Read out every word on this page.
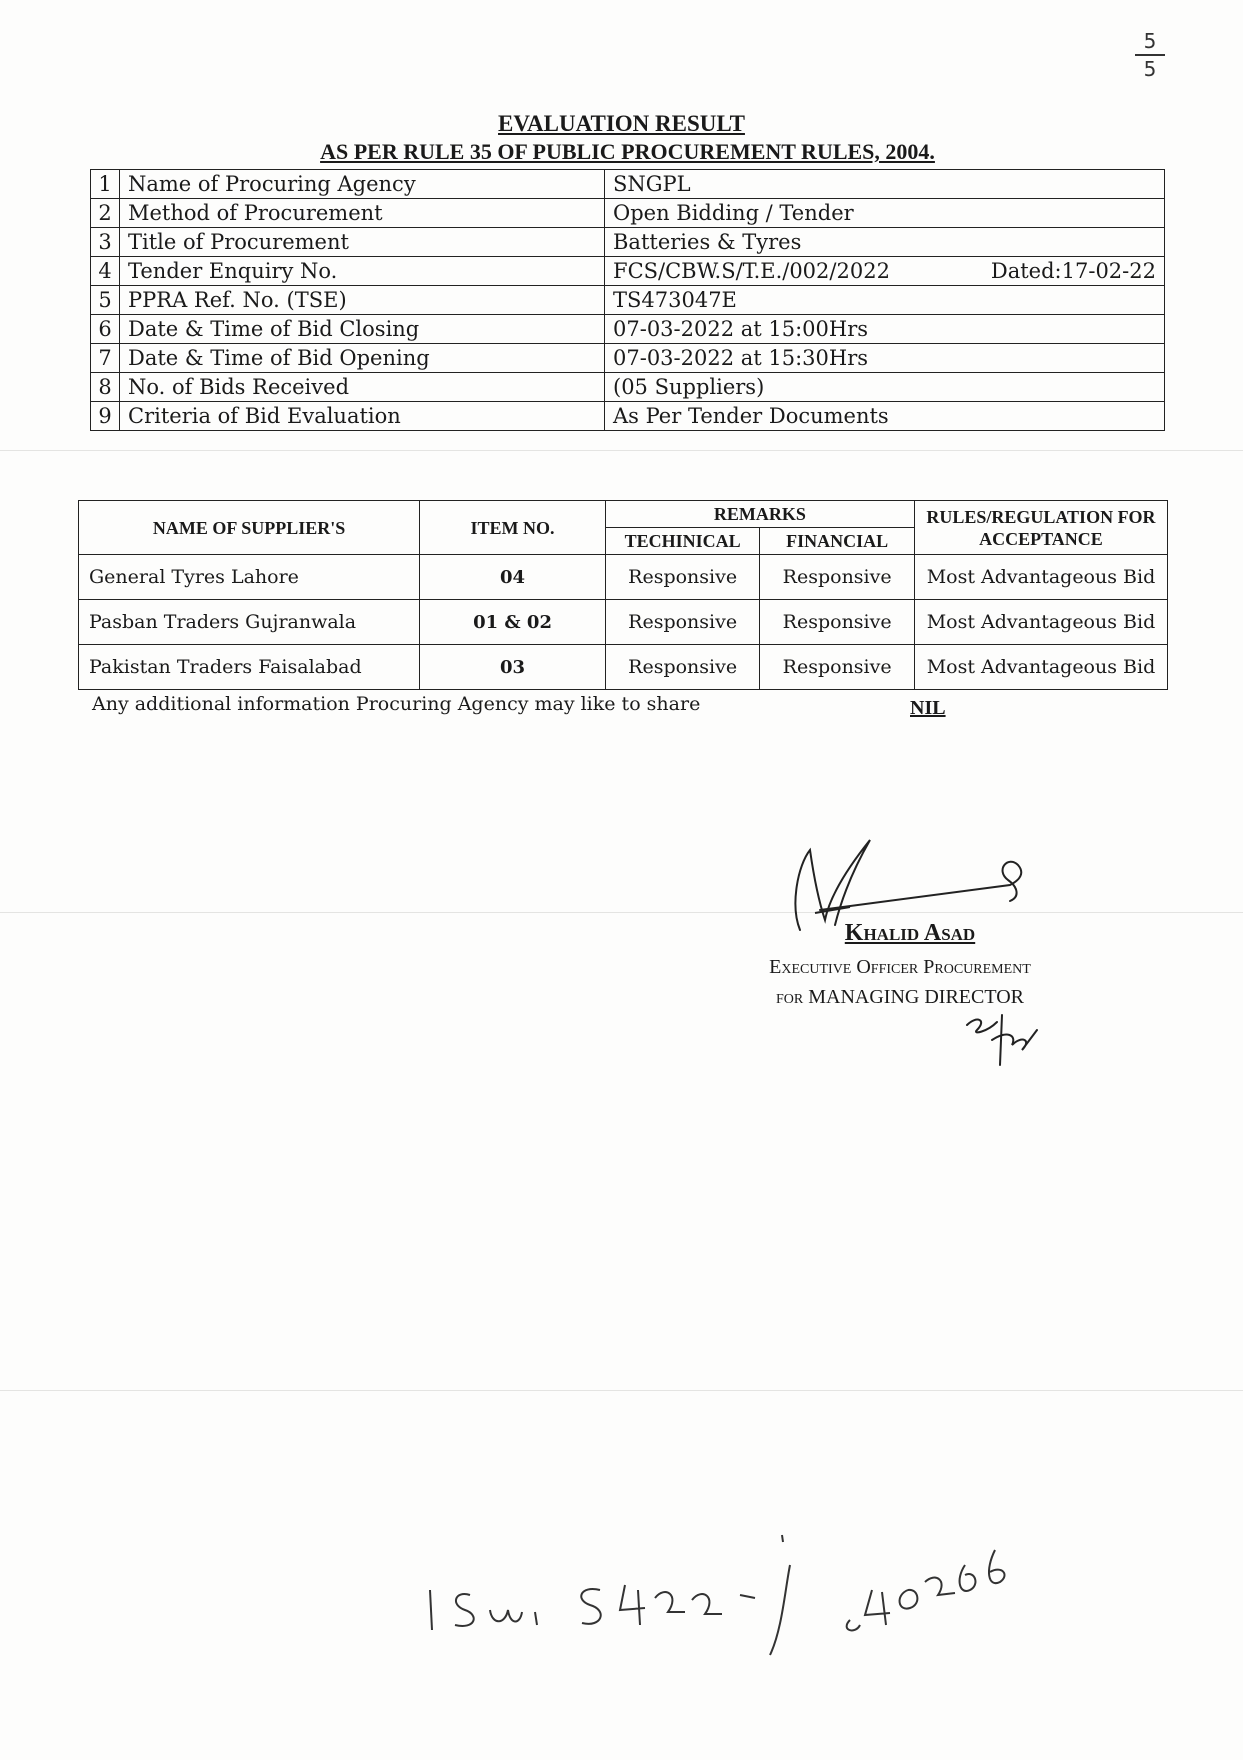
5
5

EVALUATION RESULT

AS PER RULE 35 OF PUBLIC PROCUREMENT RULES, 2004.

1	Name of Procuring Agency	SNGPL
2	Method of Procurement	Open Bidding / Tender
3	Title of Procurement	Batteries & Tyres
4	Tender Enquiry No.	FCS/CBW.S/T.E./002/2022 Dated:17-02-22

5	PPRA Ref. No. (TSE)	TS473047E
6	Date & Time of Bid Closing	07-03-2022 at 15:00Hrs
7	Date & Time of Bid Opening	07-03-2022 at 15:30Hrs
8	No. of Bids Received	(05 Suppliers)
9	Criteria of Bid Evaluation	As Per Tender Documents
NAME OF SUPPLIER'S	ITEM NO.	REMARKS		RULES/REGULATION FOR ACCEPTANCE
		TECHINICAL	FINANCIAL	
General Tyres Lahore	04	Responsive	Responsive	Most Advantageous Bid
Pasban Traders Gujranwala	01 & 02	Responsive	Responsive	Most Advantageous Bid
Pakistan Traders Faisalabad	03	Responsive	Responsive	Most Advantageous Bid
Any additional information Procuring Agency may like to share	NIL
Khalid Asad
Executive Officer Procurement
for MANAGING DIRECTOR
